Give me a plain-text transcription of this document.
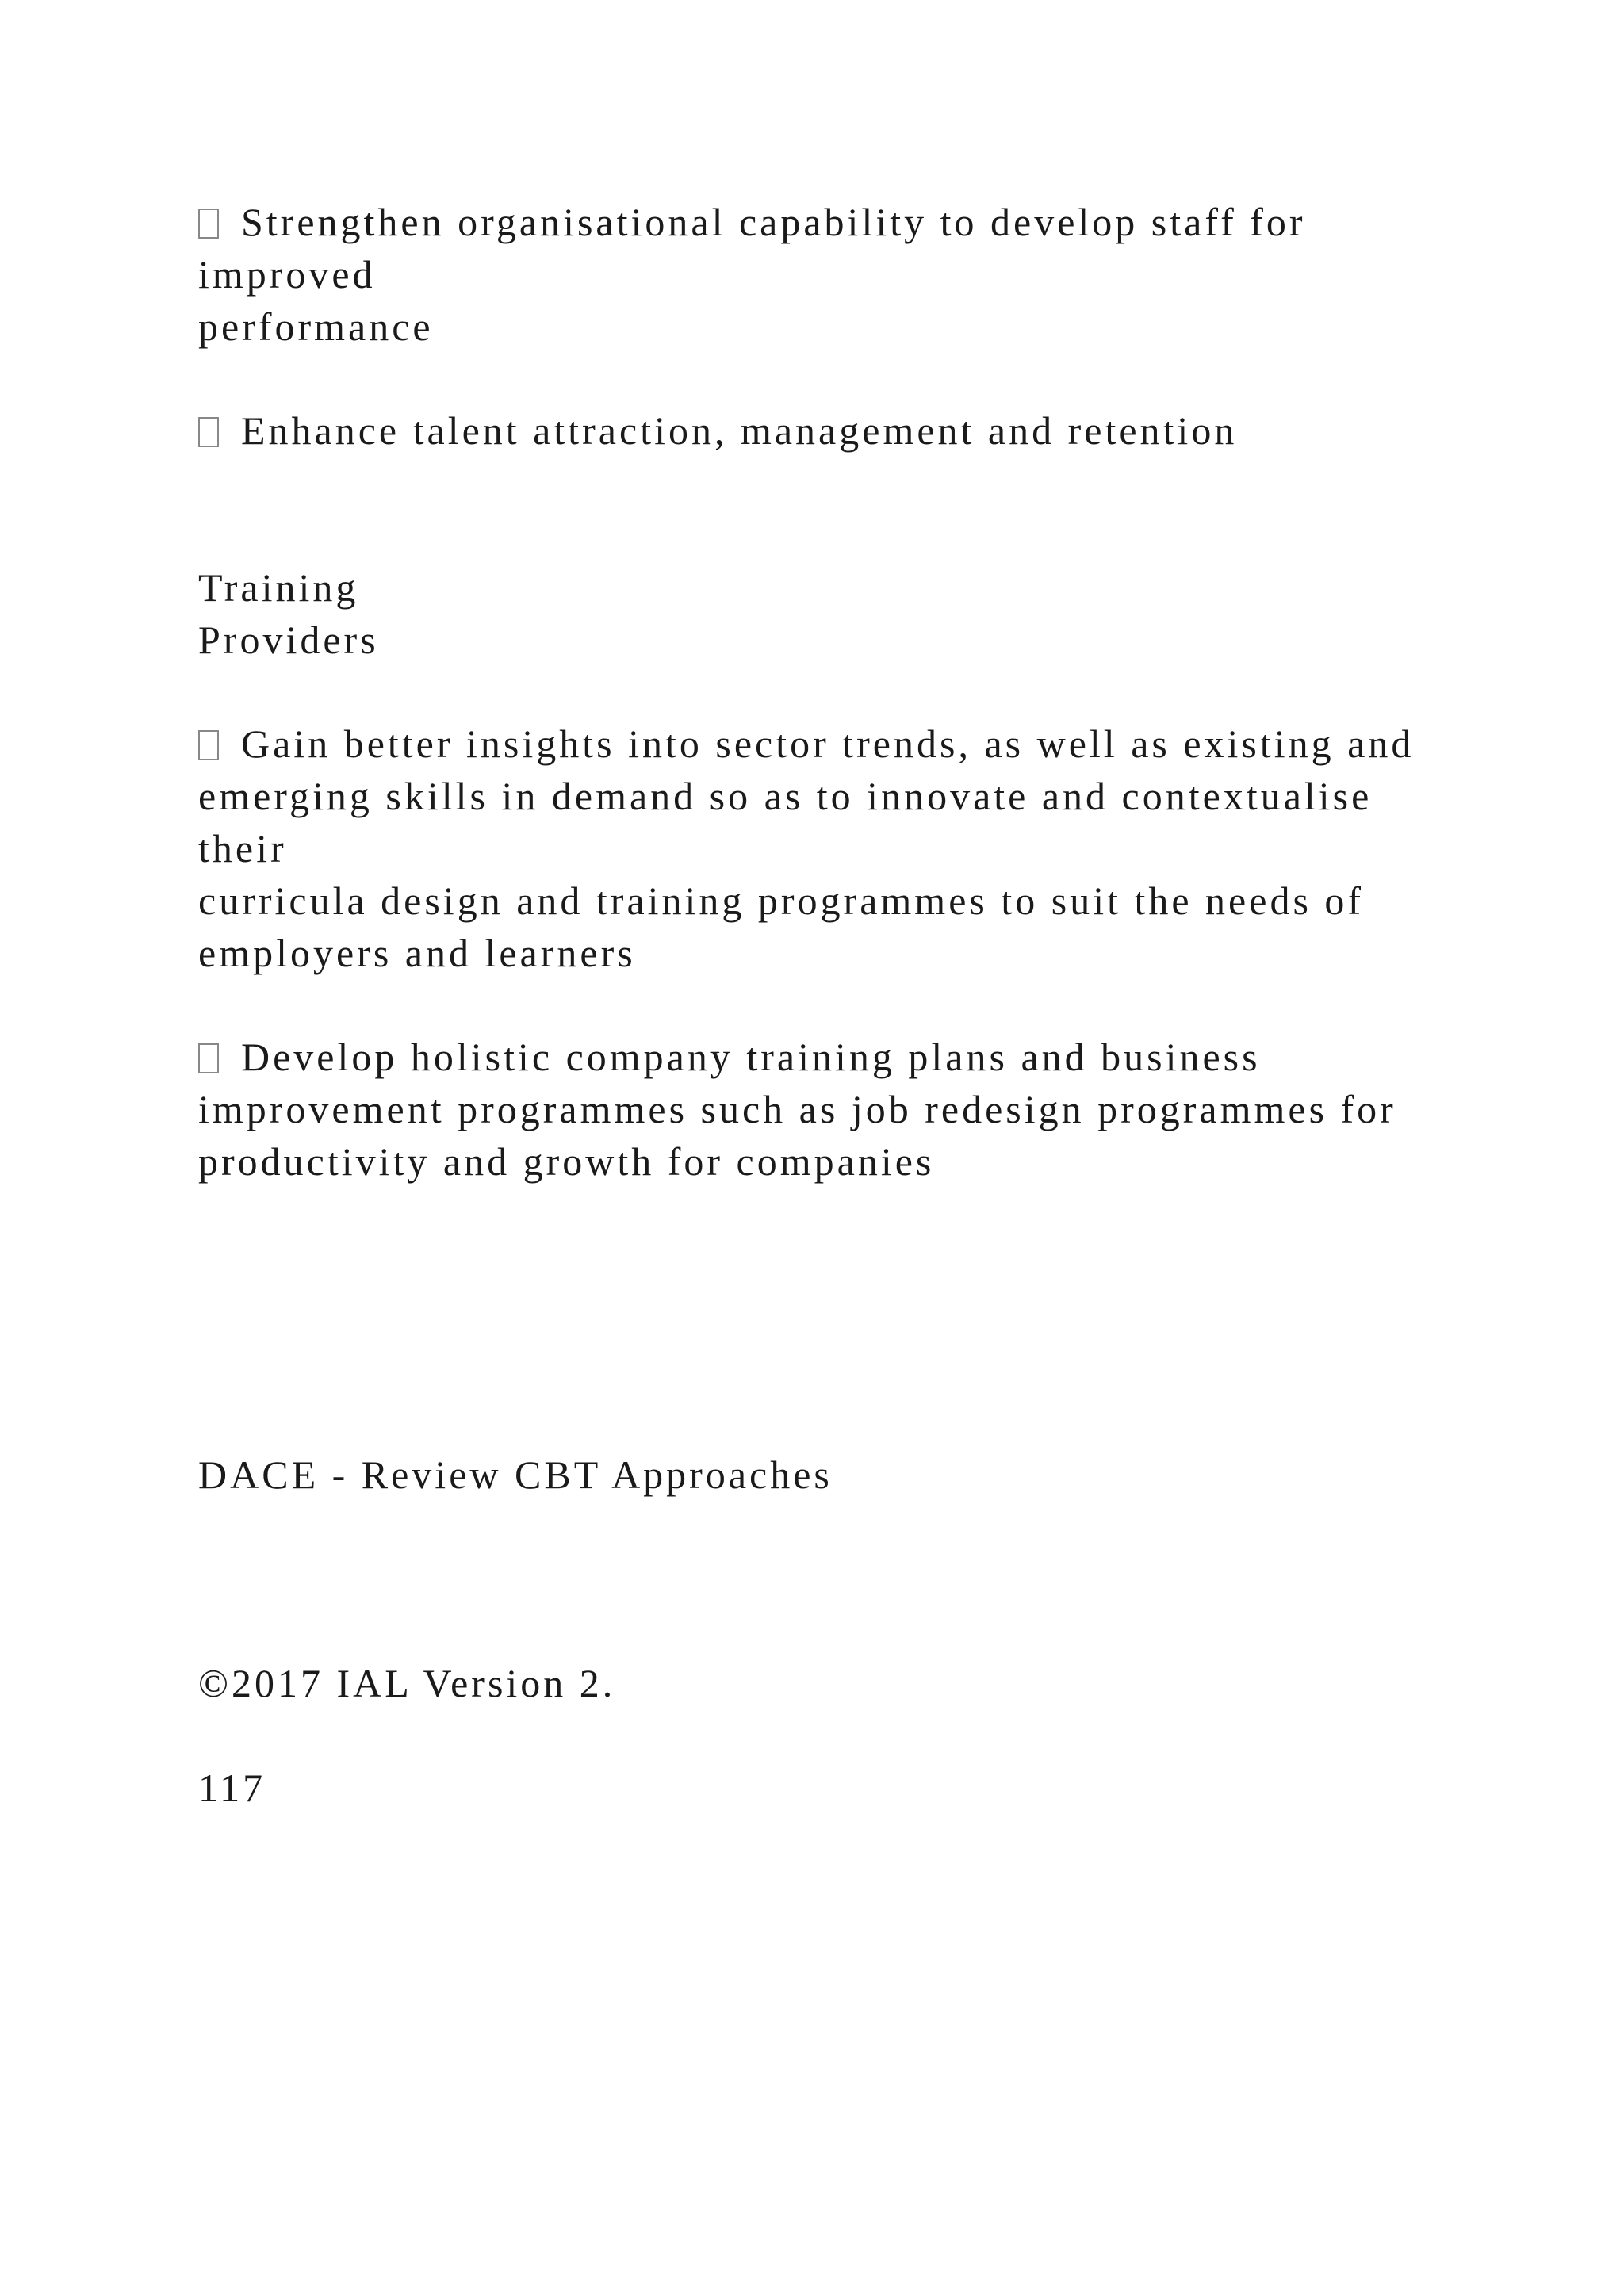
Strengthen organisational capability to develop staff for
improved
performance
Enhance talent attraction, management and retention
Training
Providers
Gain better insights into sector trends, as well as existing and
emerging skills in demand so as to innovate and contextualise
their
curricula design and training programmes to suit the needs of
employers and learners
Develop holistic company training plans and business
improvement programmes such as job redesign programmes for
productivity and growth for companies
DACE - Review CBT Approaches
©2017 IAL Version 2.
117
